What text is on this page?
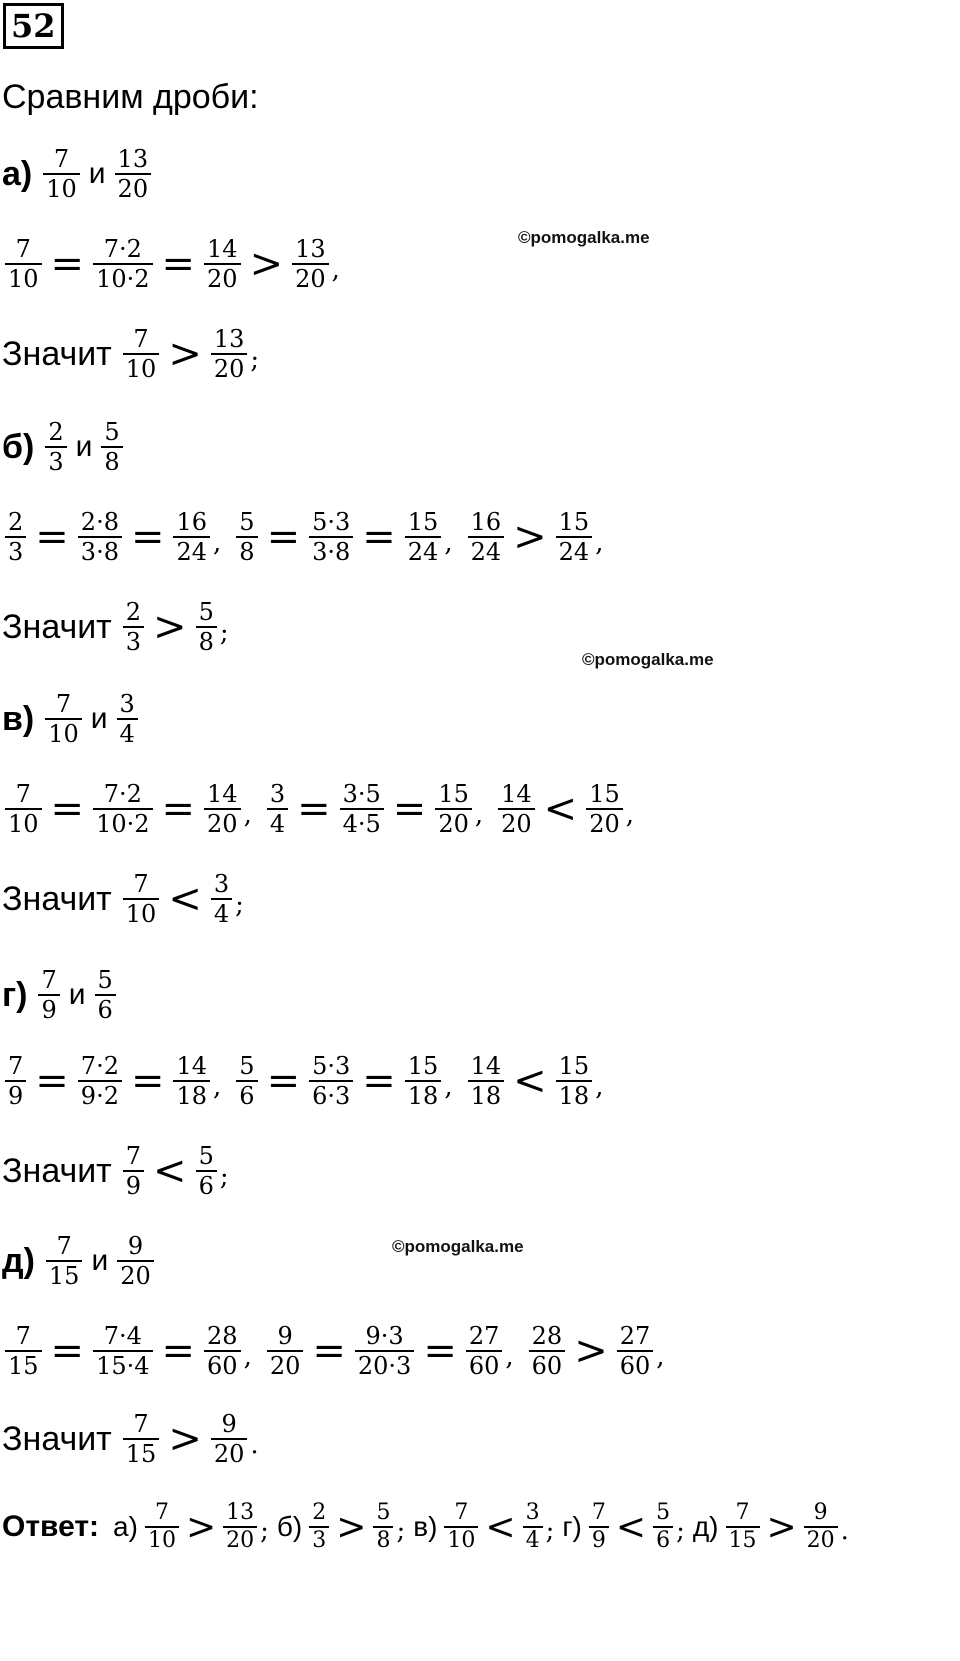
52
Сравним дроби:
©pomogalka.me
©pomogalka.me
©pomogalka.me
$а) \frac{7}{10}$ и $\frac{13}{20}$
$\frac{7}{10} = \frac{7\cdot 2}{10\cdot 2} = \frac{14}{20} > \frac{13}{20}$ ,
Значит $\frac{7}{10} > \frac{13}{20}$ ;
$б) \frac{2}{3}$ и $\frac{5}{8}$
$\frac{2}{3} = \frac{2\cdot 8}{3\cdot 8} = \frac{16}{24}$ , $\frac{5}{8} = \frac{5\cdot 3}{3\cdot 8} = \frac{15}{24}$ , $\frac{16}{24} > \frac{15}{24}$ ,
Значит $\frac{2}{3} > \frac{5}{8}$ ;
$в) \frac{7}{10}$ и $\frac{3}{4}$
$\frac{7}{10} = \frac{7\cdot 2}{10\cdot 2} = \frac{14}{20}$ , $\frac{3}{4} = \frac{3\cdot 5}{4\cdot 5} = \frac{15}{20}$ , $\frac{14}{20} < \frac{15}{20}$ ,
Значит $\frac{7}{10} < \frac{3}{4}$ ;
$г) \frac{7}{9}$ и $\frac{5}{6}$
$\frac{7}{9} = \frac{7\cdot 2}{9\cdot 2} = \frac{14}{18}$ , $\frac{5}{6} = \frac{5\cdot 3}{6\cdot 3} = \frac{15}{18}$ , $\frac{14}{18} < \frac{15}{18}$ ,
Значит $\frac{7}{9} < \frac{5}{6}$ ;
$д) \frac{7}{15}$ и $\frac{9}{20}$
$\frac{7}{15} = \frac{7\cdot 4}{15\cdot 4} = \frac{28}{60}$ , $\frac{9}{20} = \frac{9\cdot 3}{20\cdot 3} = \frac{27}{60}$ , $\frac{28}{60} > \frac{27}{60}$ ,
Значит $\frac{7}{15} > \frac{9}{20}$ .
Ответ: $а) \frac{7}{10} > \frac{13}{20}$ ; $б) \frac{2}{3} > \frac{5}{8}$ ; $в) \frac{7}{10} < \frac{3}{4}$ ; $г) \frac{7}{9} < \frac{5}{6}$ ; $д) \frac{7}{15} > \frac{9}{20}$ .
